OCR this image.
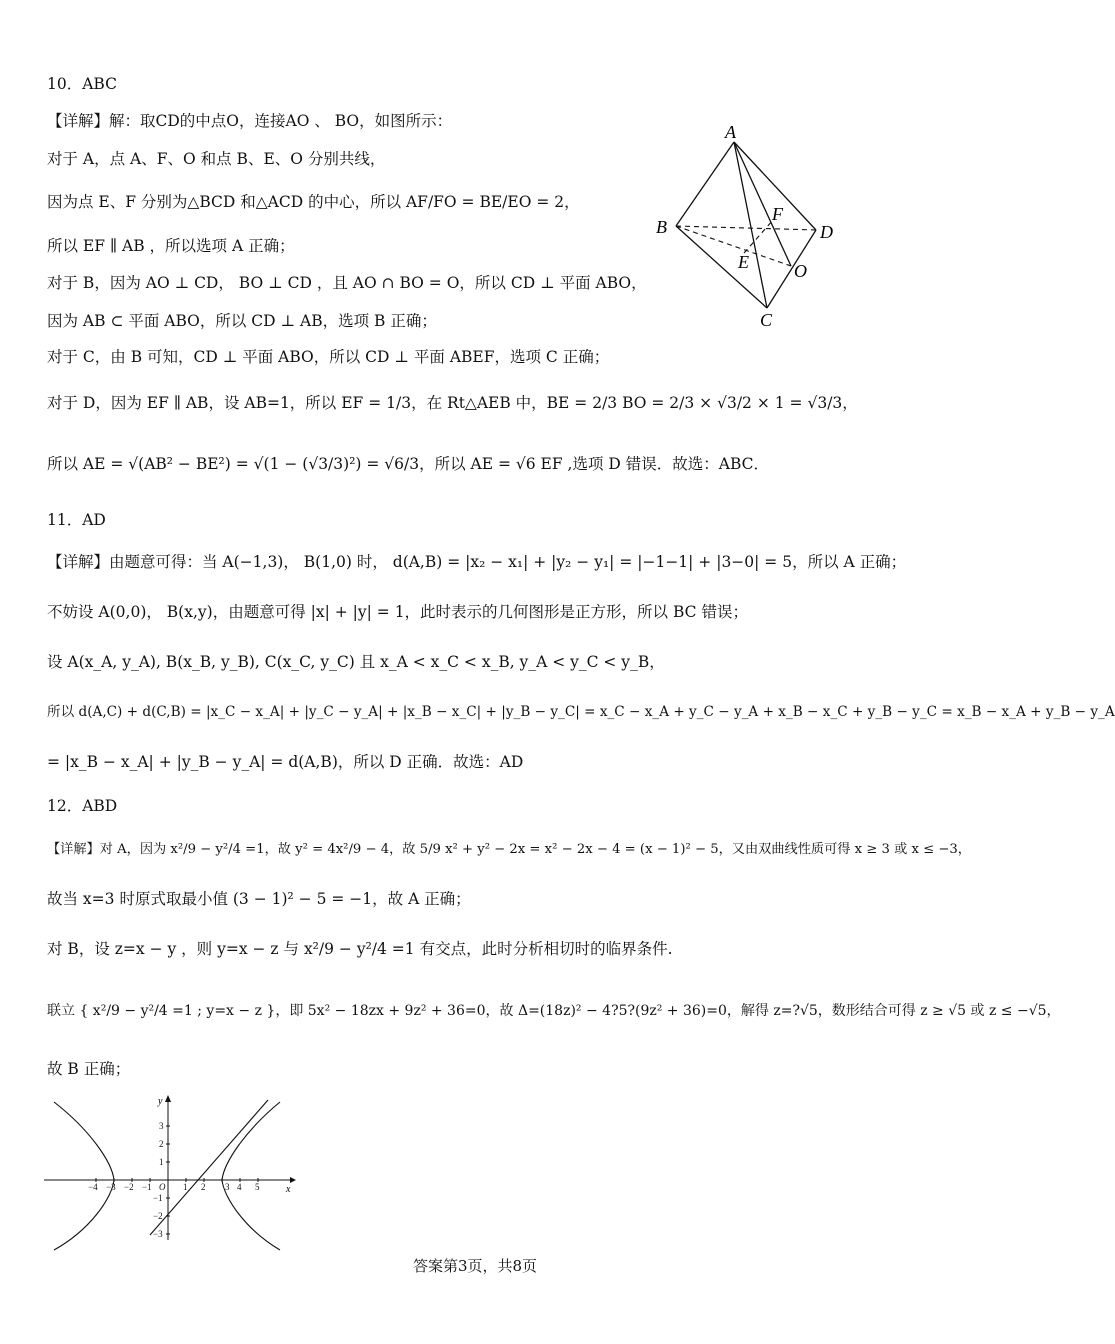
10．ABC
【详解】解：取CD的中点O，连接AO 、 BO，如图所示：
对于 A，点 A、F、O 和点 B、E、O 分别共线，
因为点 E、F 分别为△BCD 和△ACD 的中心，所以 AF/FO = BE/EO = 2，
所以 EF ∥ AB ，所以选项 A 正确；
对于 B，因为 AO ⊥ CD， BO ⊥ CD ，且 AO ∩ BO = O，所以 CD ⊥ 平面 ABO，
因为 AB ⊂ 平面 ABO，所以 CD ⊥ AB，选项 B 正确；
对于 C，由 B 可知，CD ⊥ 平面 ABO，所以 CD ⊥ 平面 ABEF，选项 C 正确；
对于 D，因为 EF ∥ AB，设 AB=1，所以 EF = 1/3，在 Rt△AEB 中，BE = 2/3 BO = 2/3 × √3/2 × 1 = √3/3，
所以 AE = √(AB² − BE²) = √(1 − (√3/3)²) = √6/3，所以 AE = √6 EF ,选项 D 错误．故选：ABC．
A
B
C
D
E
F
O
11．AD
【详解】由题意可得：当 A(−1,3)， B(1,0) 时， d(A,B) = |x₂ − x₁| + |y₂ − y₁| = |−1−1| + |3−0| = 5，所以 A 正确；
不妨设 A(0,0)， B(x,y)，由题意可得 |x| + |y| = 1，此时表示的几何图形是正方形，所以 BC 错误；
设 A(x_A, y_A), B(x_B, y_B), C(x_C, y_C) 且 x_A < x_C < x_B, y_A < y_C < y_B，
所以 d(A,C) + d(C,B) = |x_C − x_A| + |y_C − y_A| + |x_B − x_C| + |y_B − y_C| = x_C − x_A + y_C − y_A + x_B − x_C + y_B − y_C = x_B − x_A + y_B − y_A
= |x_B − x_A| + |y_B − y_A| = d(A,B)，所以 D 正确．故选：AD
12．ABD
【详解】对 A，因为 x²/9 − y²/4 =1，故 y² = 4x²/9 − 4，故 5/9 x² + y² − 2x = x² − 2x − 4 = (x − 1)² − 5，又由双曲线性质可得 x ≥ 3 或 x ≤ −3，
故当 x=3 时原式取最小值 (3 − 1)² − 5 = −1，故 A 正确；
对 B，设 z=x − y ，则 y=x − z 与 x²/9 − y²/4 =1 有交点，此时分析相切时的临界条件.
联立 { x²/9 − y²/4 =1 ; y=x − z }，即 5x² − 18zx + 9z² + 36=0，故 Δ=(18z)² − 4?5?(9z² + 36)=0，解得 z=?√5，数形结合可得 z ≥ √5 或 z ≤ −√5，
故 B 正确；
x
y
−4 −3 −2 −1 O 1 2 3 4 5
3
2
1
−1
−2
−3
答案第3页，共8页
